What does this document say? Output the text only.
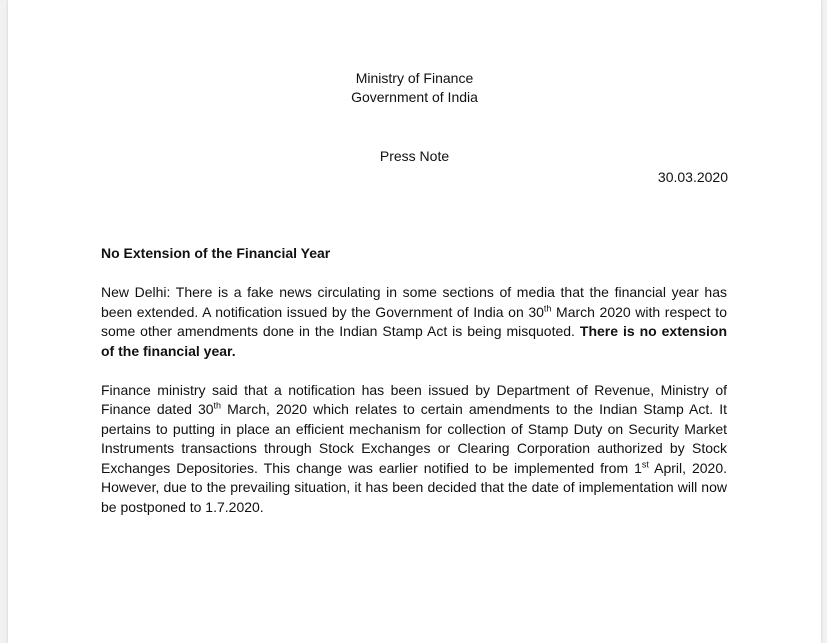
Ministry of Finance
Government of India
Press Note
30.03.2020

No Extension of the Financial Year

New Delhi: There is a fake news circulating in some sections of media that the financial year has been extended. A notification issued by the Government of India on 30th March 2020 with respect to some other amendments done in the Indian Stamp Act is being misquoted. There is no extension of the financial year.

Finance ministry said that a notification has been issued by Department of Revenue, Ministry of Finance dated 30th March, 2020 which relates to certain amendments to the Indian Stamp Act. It pertains to putting in place an efficient mechanism for collection of Stamp Duty on Security Market Instruments transactions through Stock Exchanges or Clearing Corporation authorized by Stock Exchanges Depositories. This change was earlier notified to be implemented from 1st April, 2020. However, due to the prevailing situation, it has been decided that the date of implementation will now be postponed to 1.7.2020.
